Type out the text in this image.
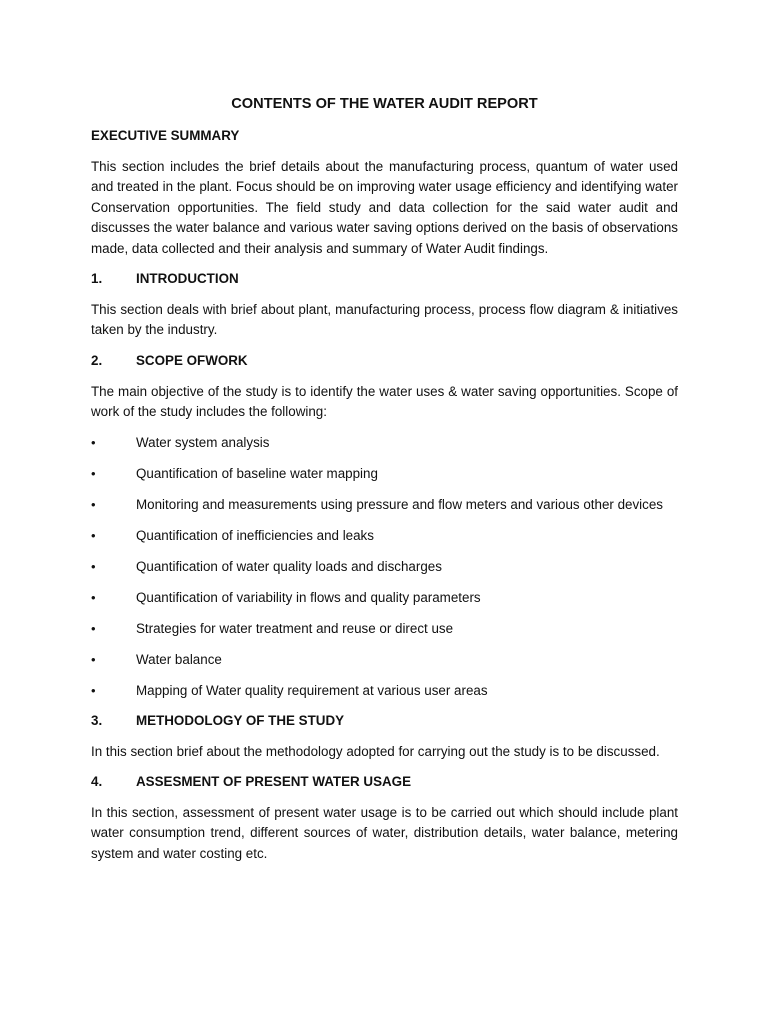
CONTENTS OF THE WATER AUDIT REPORT
EXECUTIVE SUMMARY

This section includes the brief details about the manufacturing process, quantum of water used and treated in the plant. Focus should be on improving water usage efficiency and identifying water Conservation opportunities. The field study and data collection for the said water audit and discusses the water balance and various water saving options derived on the basis of observations made, data collected and their analysis and summary of Water Audit findings.

1.	INTRODUCTION

This section deals with brief about plant, manufacturing process, process flow diagram & initiatives taken by the industry.

2.	SCOPE OFWORK

The main objective of the study is to identify the water uses & water saving opportunities. Scope of work of the study includes the following:

•	Water system analysis
•	Quantification of baseline water mapping
•	Monitoring and measurements using pressure and flow meters and various other devices
•	Quantification of inefficiencies and leaks
•	Quantification of water quality loads and discharges
•	Quantification of variability in flows and quality parameters
•	Strategies for water treatment and reuse or direct use
•	Water balance
•	Mapping of Water quality requirement at various user areas
3.	METHODOLOGY OF THE STUDY

In this section brief about the methodology adopted for carrying out the study is to be discussed.

4.	ASSESMENT OF PRESENT WATER USAGE

In this section, assessment of present water usage is to be carried out which should include plant water consumption trend, different sources of water, distribution details, water balance, metering system and water costing etc.
